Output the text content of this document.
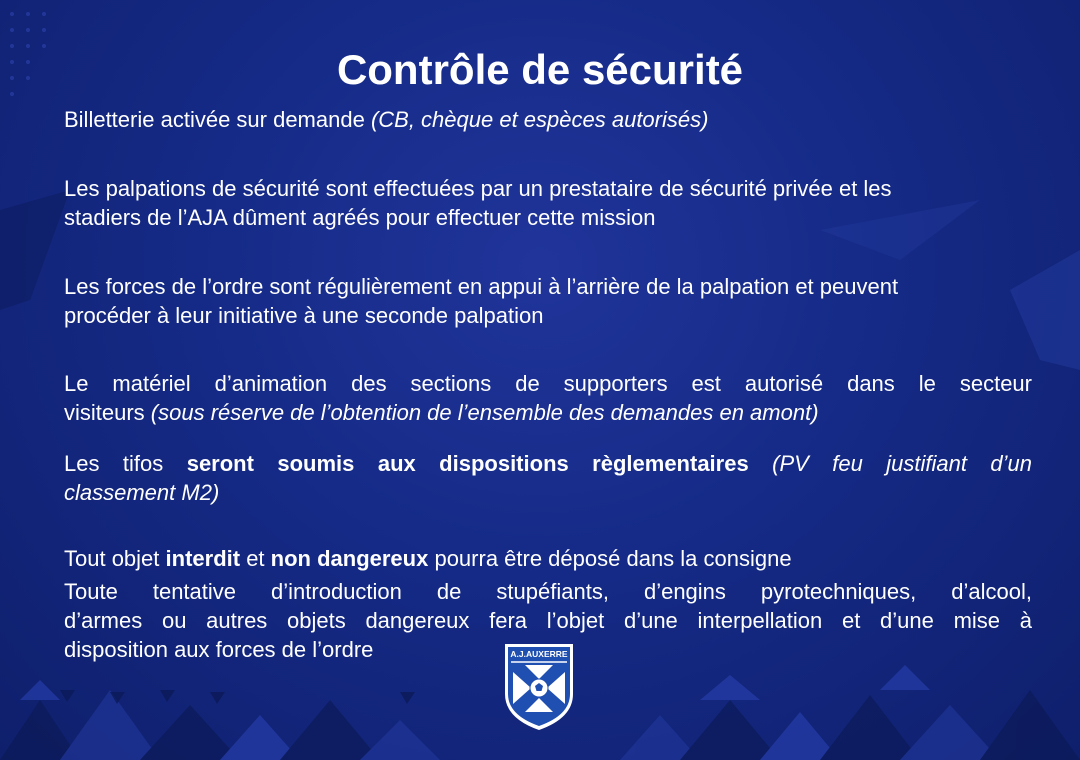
Contrôle de sécurité

Billetterie activée sur demande (CB, chèque et espèces autorisés)

Les palpations de sécurité sont effectuées par un prestataire de sécurité privée et les
stadiers de l’AJA dûment agréés pour effectuer cette mission

Les forces de l’ordre sont régulièrement en appui à l’arrière de la palpation et peuvent
procéder à leur initiative à une seconde palpation

Le matériel d’animation des sections de supporters est autorisé dans le secteur
visiteurs (sous réserve de l’obtention de l’ensemble des demandes en amont)

Les tifos seront soumis aux dispositions règlementaires (PV feu justifiant d’un
classement M2)

Tout objet interdit et non dangereux pourra être déposé dans la consigne

Toute tentative d’introduction de stupéfiants, d’engins pyrotechniques, d’alcool,
d’armes ou autres objets dangereux fera l’objet d’une interpellation et d’une mise à
disposition aux forces de l’ordre	A.J.AUXERRE
